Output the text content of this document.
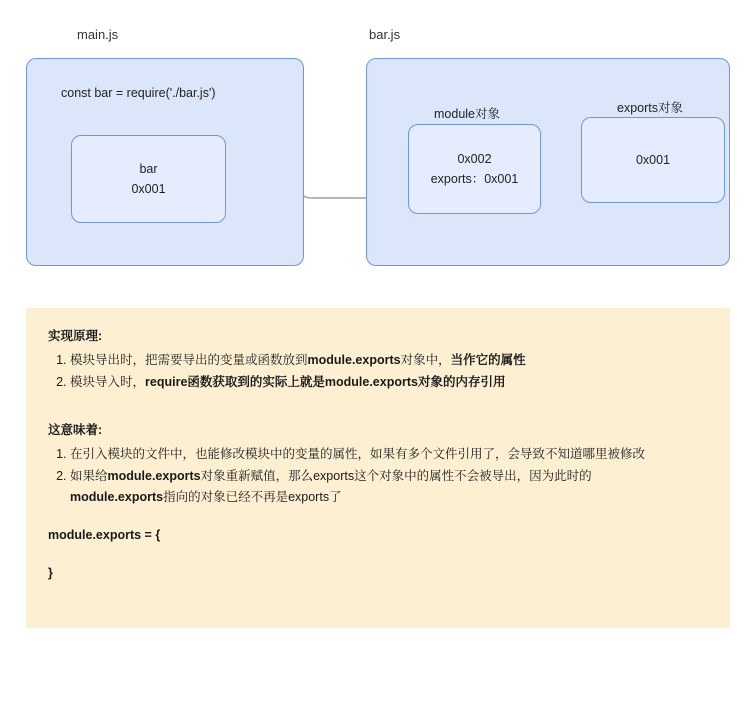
main.js	bar.js
const bar = require('./bar.js')
bar
0x001
module对象
0x002
exports：0x001
exports对象
0x001
实现原理:
1. 模块导出时，把需要导出的变量或函数放到module.exports对象中，当作它的属性
2. 模块导入时，require函数获取到的实际上就是module.exports对象的内存引用
这意味着:
1. 在引入模块的文件中，也能修改模块中的变量的属性，如果有多个文件引用了，会导致不知道哪里被修改
2. 如果给module.exports对象重新赋值，那么exports这个对象中的属性不会被导出，因为此时的
module.exports指向的对象已经不再是exports了
module.exports = {
}
